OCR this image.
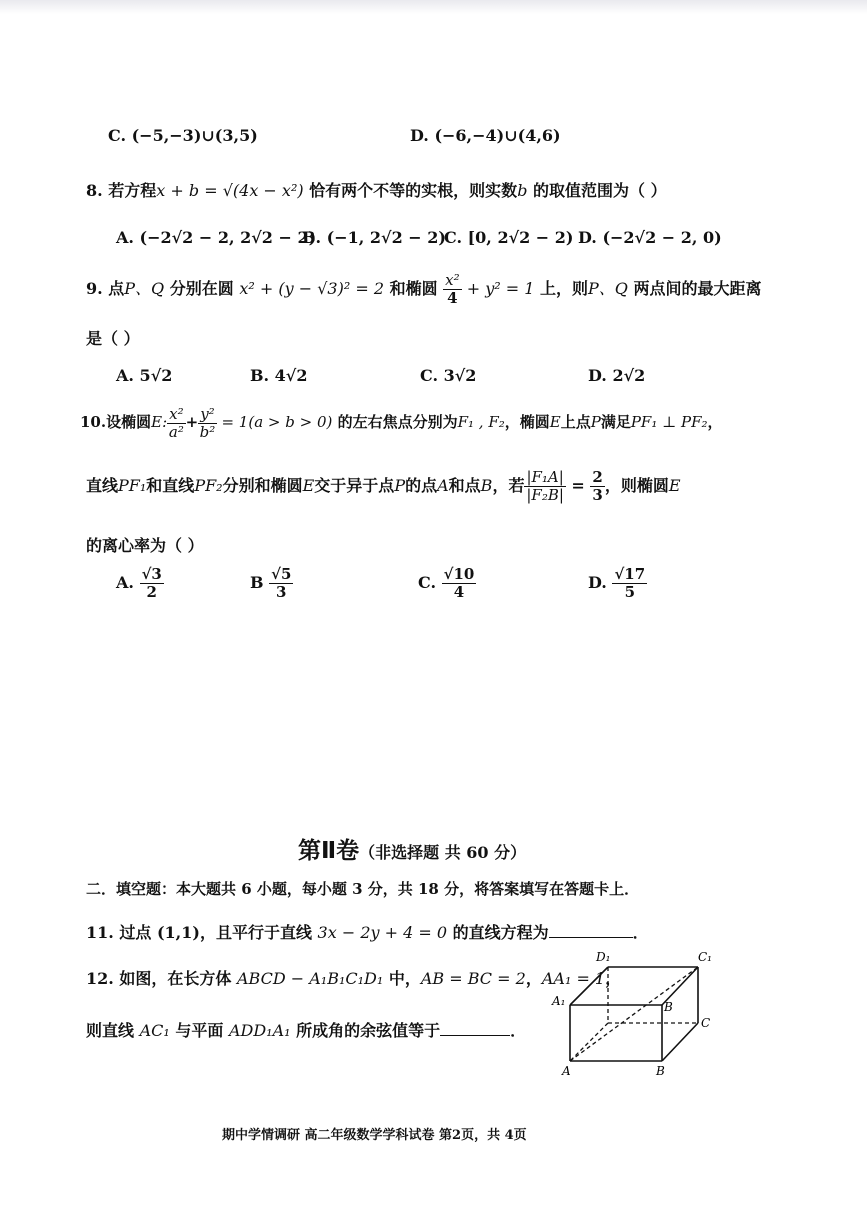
C. (−5,−3)∪(3,5)	D. (−6,−4)∪(4,6)
8. 若方程x + b = √(4x − x²) 恰有两个不等的实根，则实数b 的取值范围为（ ）
A. (−2√2 − 2, 2√2 − 2)
B. (−1, 2√2 − 2)
C. [0, 2√2 − 2) D. (−2√2 − 2, 0)
9. 点P、Q 分别在圆 x² + (y − √3)² = 2 和椭圆 $\frac{\text{x²}}{4} + y^2 = 1$ 上，则P、Q 两点间的最大距离
是（ ）
A. 5√2	B. 4√2	C. 3√2	D. 2√2
10.设椭圆E: $\frac{\text{x²}}{\text{a²}} + \frac{\text{y²}}{\text{b²}} = 1(a > b > 0)$ 的左右焦点分别为F₁ , F₂，椭圆E上点P满足PF₁ ⊥ PF₂，
直线PF₁和直线PF₂分别和椭圆E交于异于点P的点A和点B，若 $\frac{\text{|F₁A|}}{\text{|F₂B|}} = \frac{2}{3}$ ，则椭圆E
的离心率为（ ）
A. $\frac{√3}{2}$	B $\frac{√5}{3}$	C. $\frac{√10}{4}$	D. $\frac{√17}{5}$
第Ⅱ卷（非选择题 共 60 分）
二．填空题：本大题共 6 小题，每小题 3 分，共 18 分，将答案填写在答题卡上．
11. 过点 (1,1)，且平行于直线 3x − 2y + 4 = 0 的直线方程为	．
12. 如图，在长方体 ABCD − A₁B₁C₁D₁ 中，AB = BC = 2，AA₁ = 1，
则直线 AC₁ 与平面 ADD₁A₁ 所成角的余弦值等于	．
D₁	C₁
A₁	B
C
A	B
期中学情调研 高二年级数学学科试卷 第2页，共 4页
